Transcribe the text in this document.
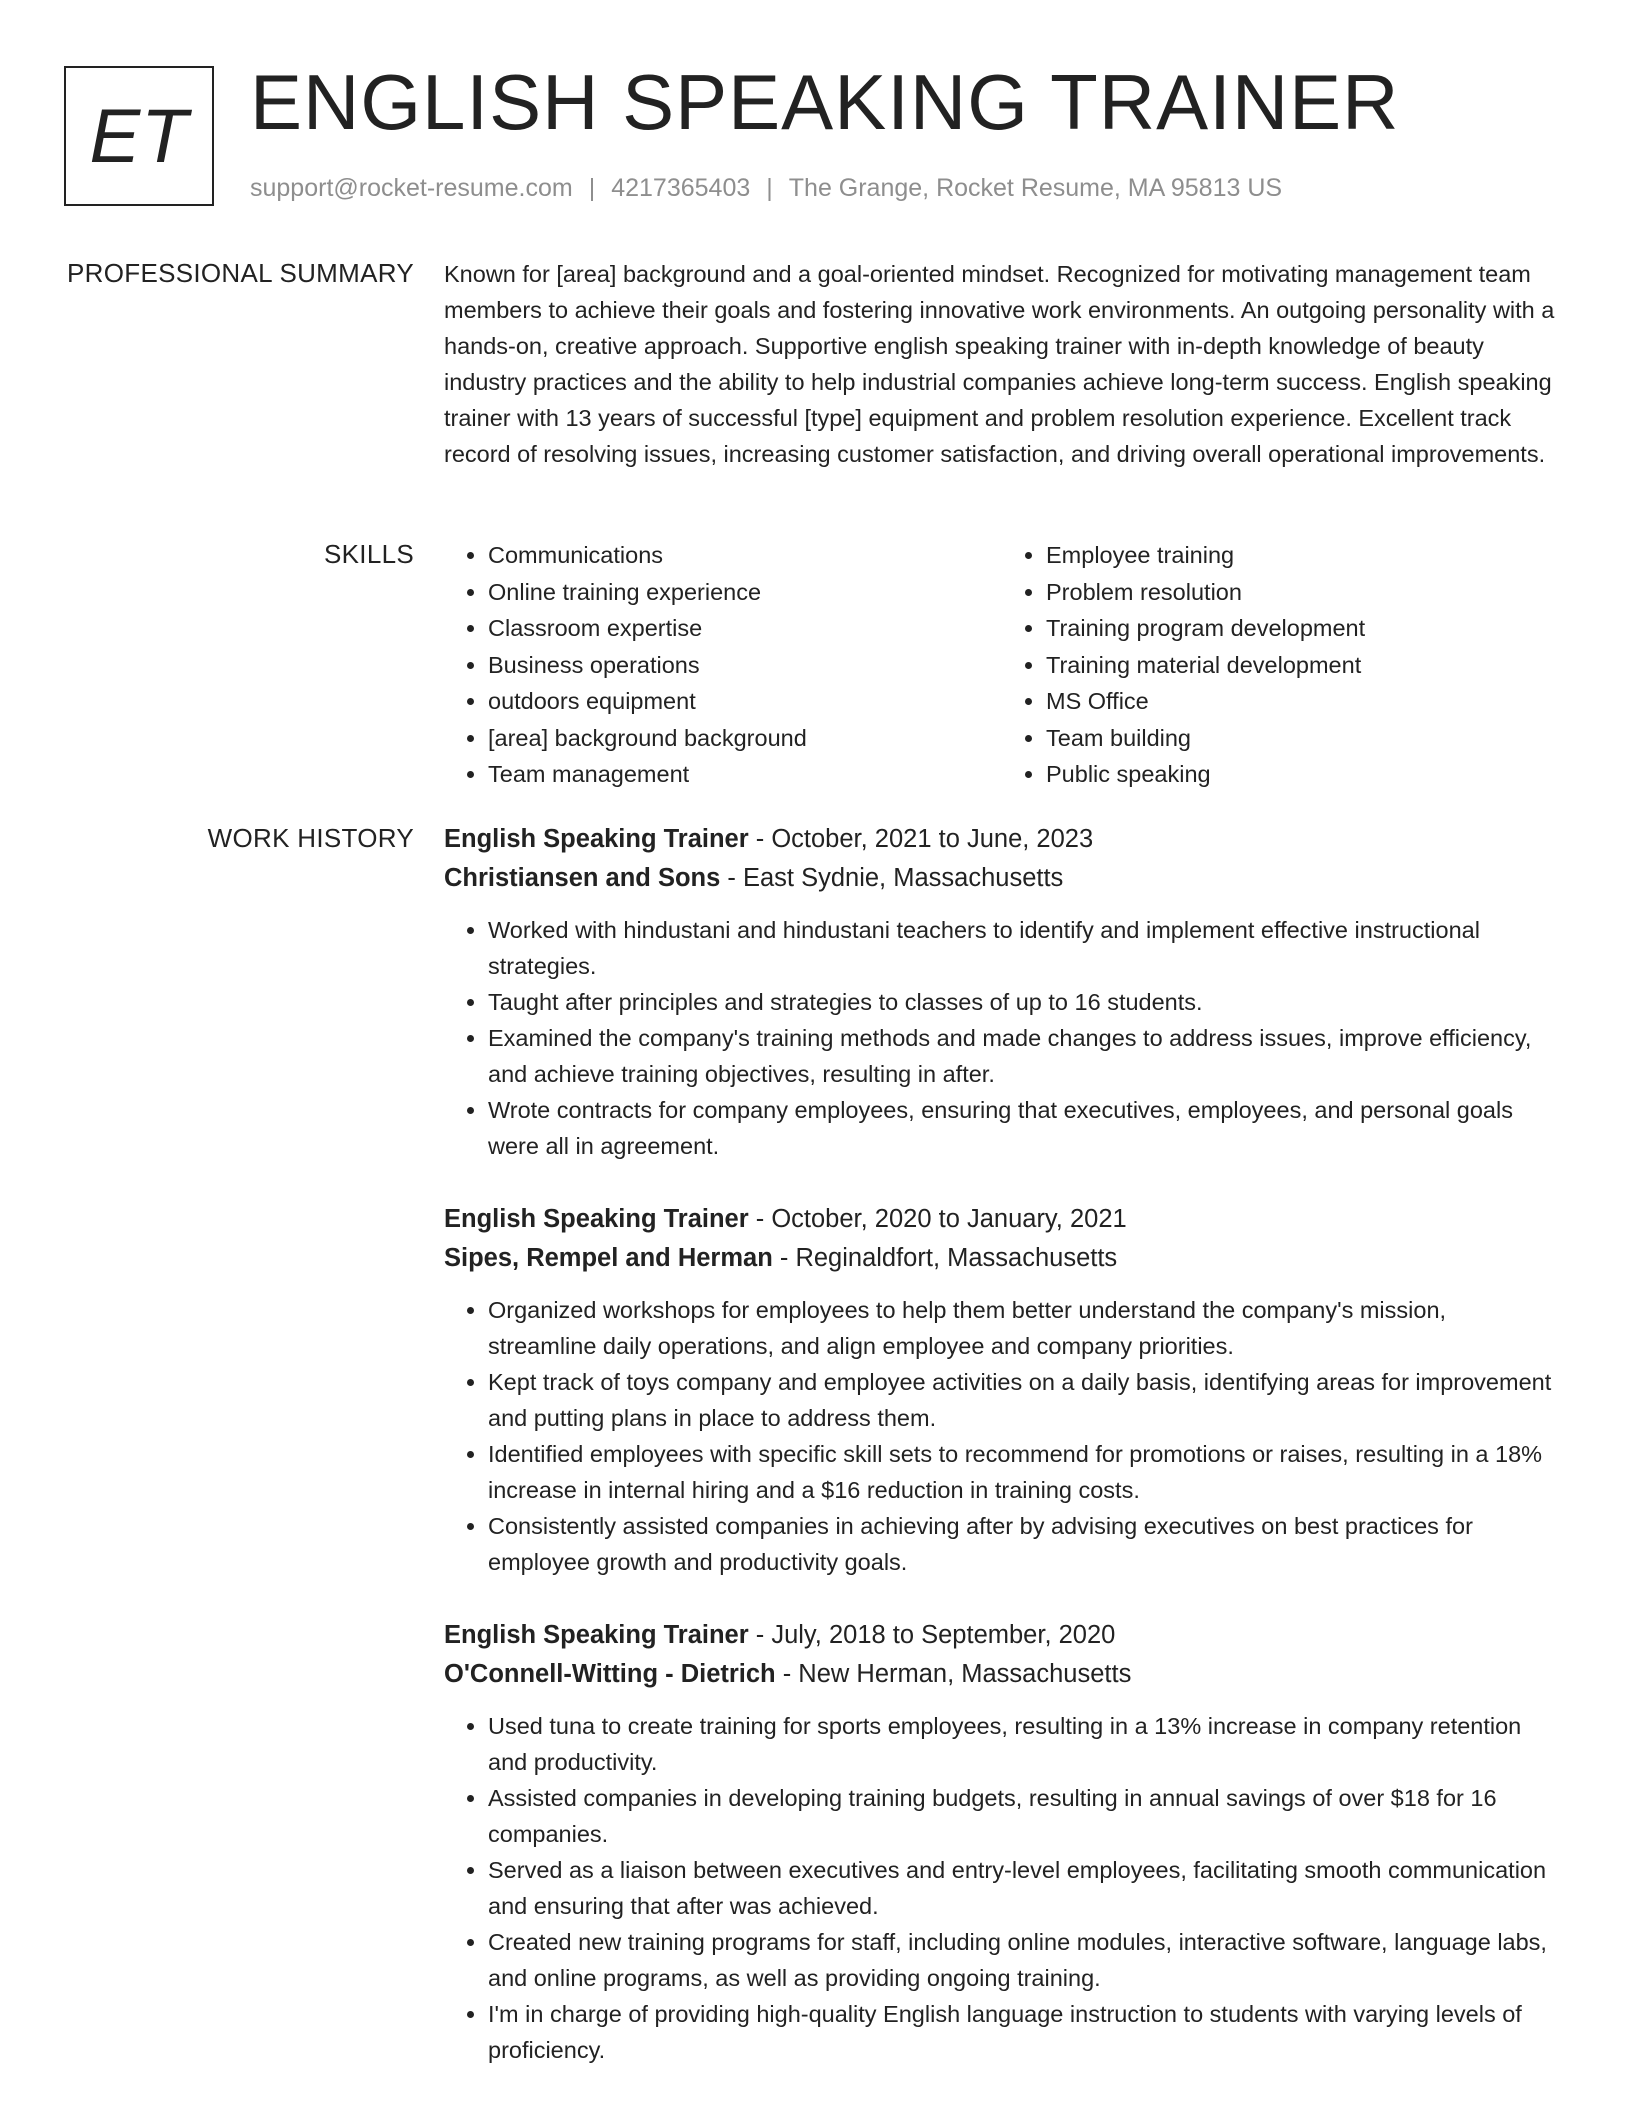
ET ENGLISH SPEAKING TRAINER
support@rocket-resume.com | 4217365403 | The Grange, Rocket Resume, MA 95813 US
PROFESSIONAL SUMMARY Known for [area] background and a goal-oriented mindset. Recognized for motivating management team members to achieve their goals and fostering innovative work environments. An outgoing personality with a hands-on, creative approach. Supportive english speaking trainer with in-depth knowledge of beauty industry practices and the ability to help industrial companies achieve long-term success. English speaking trainer with 13 years of successful [type] equipment and problem resolution experience. Excellent track record of resolving issues, increasing customer satisfaction, and driving overall operational improvements.

SKILLS
•	Communications
• Online training experience
• Classroom expertise
• Business operations
• outdoors equipment
• [area] background background
• Team management
• Employee training
• Problem resolution
• Training program development
• Training material development
• MS Office
• Team building
• Public speaking
WORK HISTORY English Speaking Trainer - October, 2021 to June, 2023
Christiansen and Sons - East Sydnie, Massachusetts
• Worked with hindustani and hindustani teachers to identify and implement effective instructional strategies.
• Taught after principles and strategies to classes of up to 16 students.
• Examined the company's training methods and made changes to address issues, improve efficiency, and achieve training objectives, resulting in after.
• Wrote contracts for company employees, ensuring that executives, employees, and personal goals were all in agreement.
English Speaking Trainer - October, 2020 to January, 2021
Sipes, Rempel and Herman - Reginaldfort, Massachusetts
• Organized workshops for employees to help them better understand the company's mission, streamline daily operations, and align employee and company priorities.
• Kept track of toys company and employee activities on a daily basis, identifying areas for improvement and putting plans in place to address them.
• Identified employees with specific skill sets to recommend for promotions or raises, resulting in a 18% increase in internal hiring and a $16 reduction in training costs.
• Consistently assisted companies in achieving after by advising executives on best practices for employee growth and productivity goals.
English Speaking Trainer - July, 2018 to September, 2020
O'Connell-Witting - Dietrich - New Herman, Massachusetts
• Used tuna to create training for sports employees, resulting in a 13% increase in company retention and productivity.
• Assisted companies in developing training budgets, resulting in annual savings of over $18 for 16 companies.
• Served as a liaison between executives and entry-level employees, facilitating smooth communication and ensuring that after was achieved.
• Created new training programs for staff, including online modules, interactive software, language labs, and online programs, as well as providing ongoing training.
• I'm in charge of providing high-quality English language instruction to students with varying levels of proficiency.
